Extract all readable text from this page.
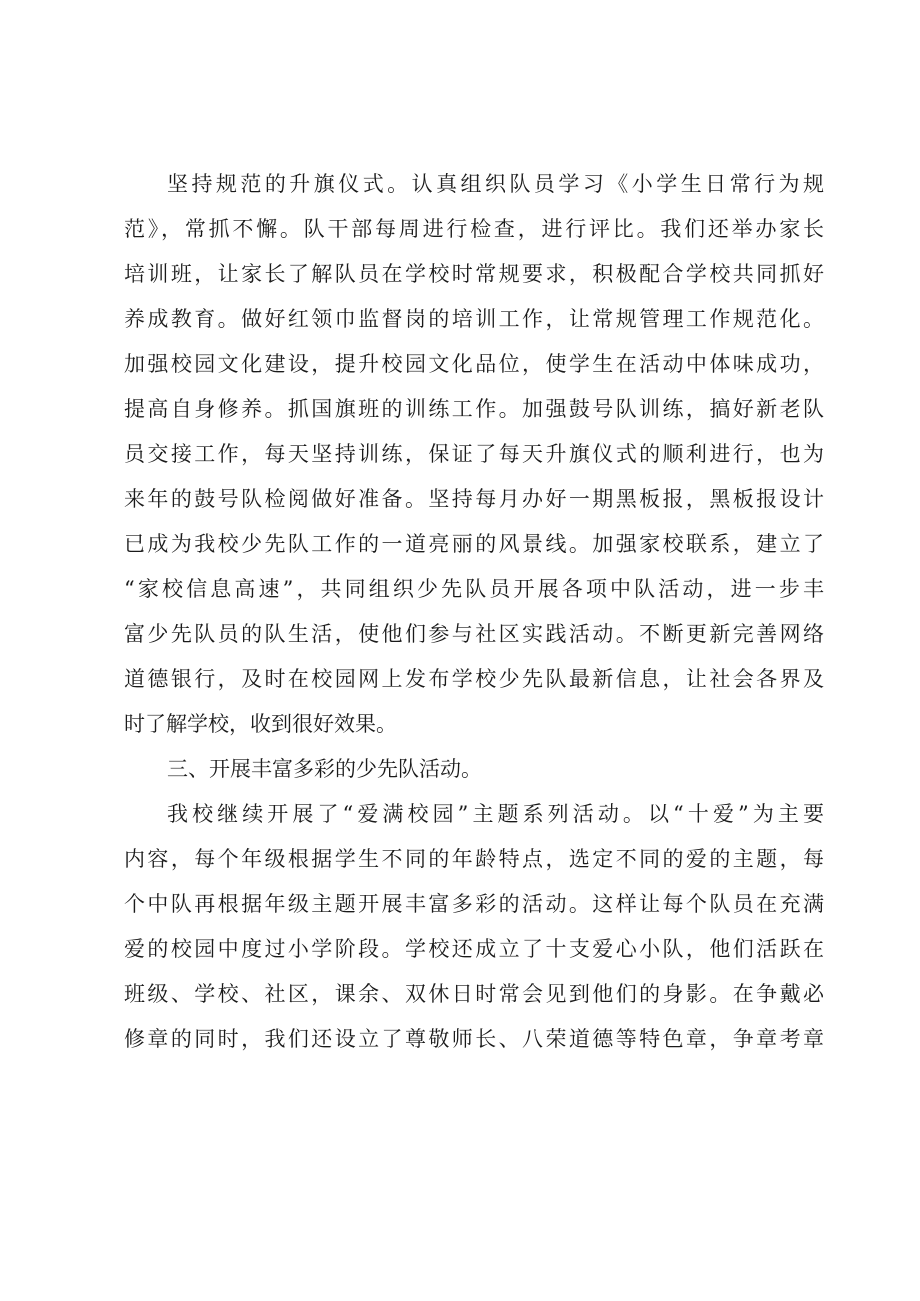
坚持规范的升旗仪式。认真组织队员学习《小学生日常行为规
范》，常抓不懈。队干部每周进行检查，进行评比。我们还举办家长
培训班，让家长了解队员在学校时常规要求，积极配合学校共同抓好
养成教育。做好红领巾监督岗的培训工作，让常规管理工作规范化。
加强校园文化建设，提升校园文化品位，使学生在活动中体味成功，
提高自身修养。抓国旗班的训练工作。加强鼓号队训练，搞好新老队
员交接工作，每天坚持训练，保证了每天升旗仪式的顺利进行，也为
来年的鼓号队检阅做好准备。坚持每月办好一期黑板报，黑板报设计
已成为我校少先队工作的一道亮丽的风景线。加强家校联系，建立了
“家校信息高速”，共同组织少先队员开展各项中队活动，进一步丰
富少先队员的队生活，使他们参与社区实践活动。不断更新完善网络
道德银行，及时在校园网上发布学校少先队最新信息，让社会各界及
时了解学校，收到很好效果。
三、开展丰富多彩的少先队活动。
我校继续开展了“爱满校园”主题系列活动。以“十爱”为主要
内容，每个年级根据学生不同的年龄特点，选定不同的爱的主题，每
个中队再根据年级主题开展丰富多彩的活动。这样让每个队员在充满
爱的校园中度过小学阶段。学校还成立了十支爱心小队，他们活跃在
班级、学校、社区，课余、双休日时常会见到他们的身影。在争戴必
修章的同时，我们还设立了尊敬师长、八荣道德等特色章，争章考章
